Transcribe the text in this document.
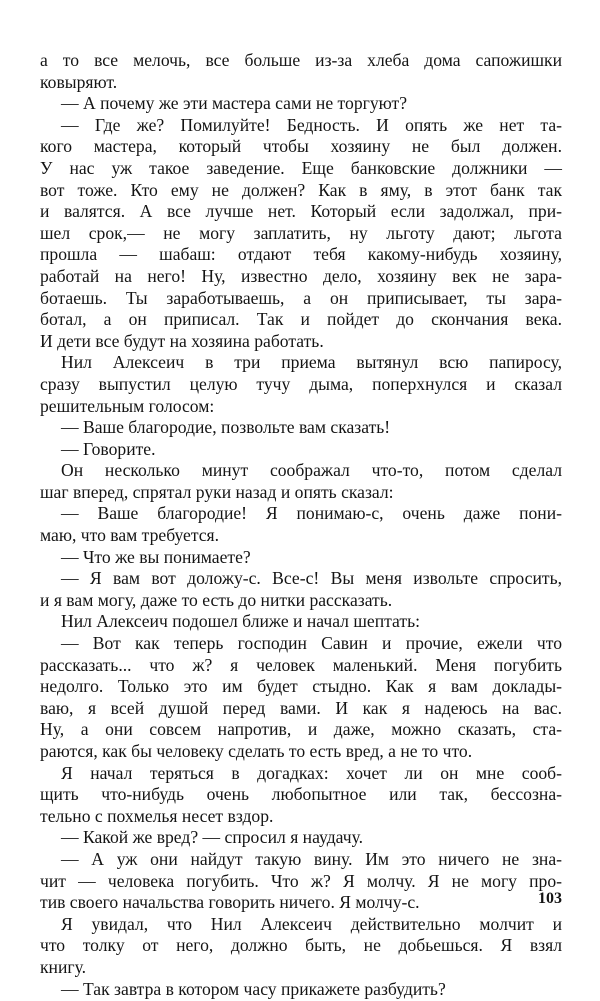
а то все мелочь, все больше из-за хлеба дома сапожишки

ковыряют.

— А почему же эти мастера сами не торгуют?

— Где же? Помилуйте! Бедность. И опять же нет та-

кого мастера, который чтобы хозяину не был должен.

У нас уж такое заведение. Еще банковские должники —

вот тоже. Кто ему не должен? Как в яму, в этот банк так

и валятся. А все лучше нет. Который если задолжал, при-

шел срок,— не могу заплатить, ну льготу дают; льгота

прошла — шабаш: отдают тебя какому-нибудь хозяину,

работай на него! Ну, известно дело, хозяину век не зара-

ботаешь. Ты заработываешь, а он приписывает, ты зара-

ботал, а он приписал. Так и пойдет до скончания века.

И дети все будут на хозяина работать.

Нил Алексеич в три приема вытянул всю папиросу,

сразу выпустил целую тучу дыма, поперхнулся и сказал

решительным голосом:

— Ваше благородие, позвольте вам сказать!

— Говорите.

Он несколько минут соображал что-то, потом сделал

шаг вперед, спрятал руки назад и опять сказал:

— Ваше благородие! Я понимаю-с, очень даже пони-

маю, что вам требуется.

— Что же вы понимаете?

— Я вам вот доложу-с. Все-с! Вы меня извольте спросить,

и я вам могу, даже то есть до нитки рассказать.

Нил Алексеич подошел ближе и начал шептать:

— Вот как теперь господин Савин и прочие, ежели что

рассказать... что ж? я человек маленький. Меня погубить

недолго. Только это им будет стыдно. Как я вам доклады-

ваю, я всей душой перед вами. И как я надеюсь на вас.

Ну, а они совсем напротив, и даже, можно сказать, ста-

раются, как бы человеку сделать то есть вред, а не то что.

Я начал теряться в догадках: хочет ли он мне сооб-

щить что-нибудь очень любопытное или так, бессозна-

тельно с похмелья несет вздор.

— Какой же вред? — спросил я наудачу.

— А уж они найдут такую вину. Им это ничего не зна-

чит — человека погубить. Что ж? Я молчу. Я не могу про-

тив своего начальства говорить ничего. Я молчу-с.

Я увидал, что Нил Алексеич действительно молчит и

что толку от него, должно быть, не добьешься. Я взял

книгу.

— Так завтра в котором часу прикажете разбудить?

103
